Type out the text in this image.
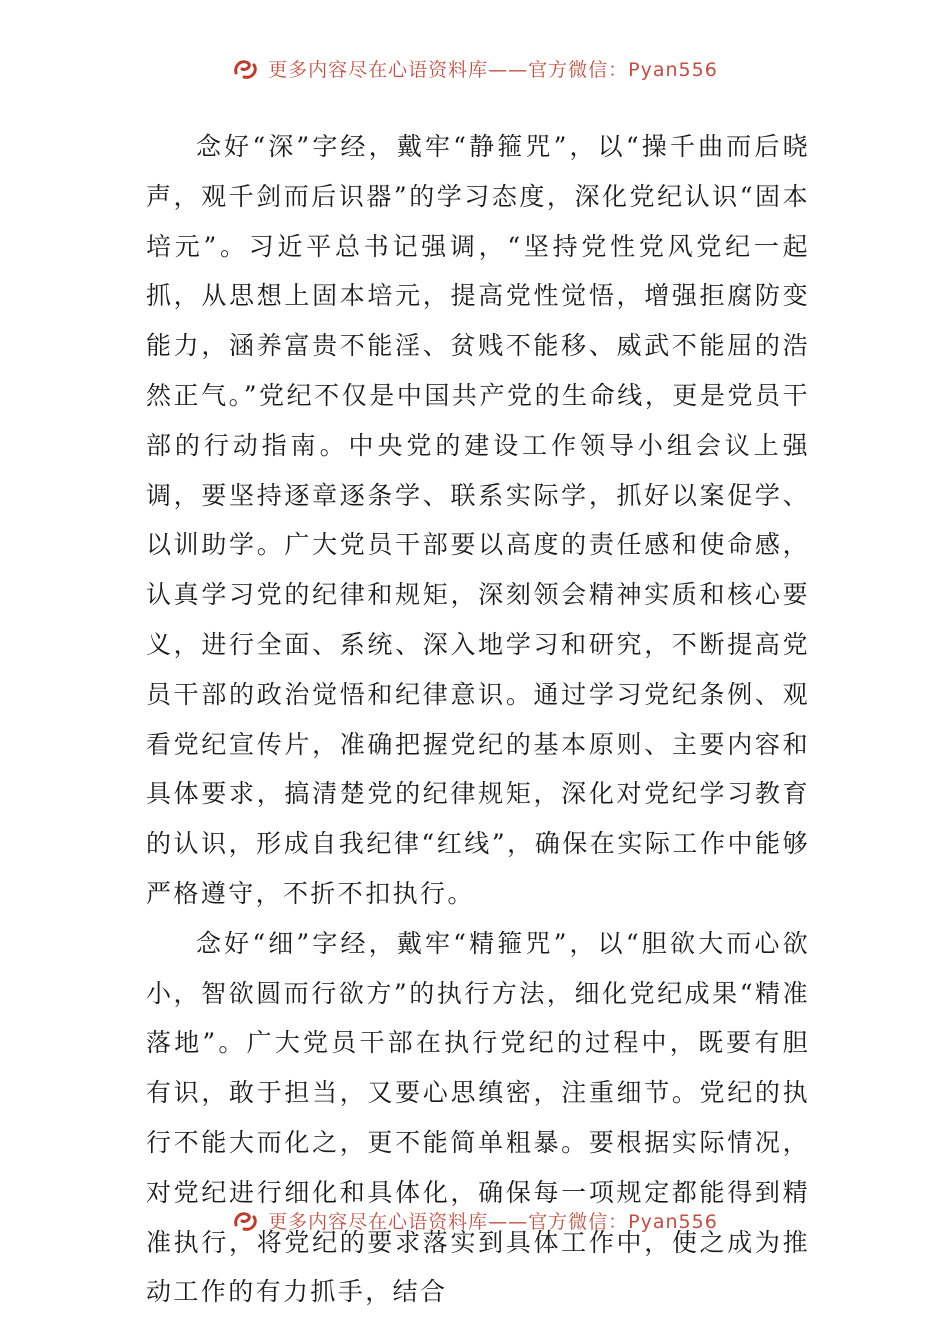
更多内容尽在心语资料库——官方微信：Pyan556

念好“深”字经，戴牢“静箍咒”，以“操千曲而后晓声，观千剑而后识器”的学习态度，深化党纪认识“固本培元”。习近平总书记强调，“坚持党性党风党纪一起抓，从思想上固本培元，提高党性觉悟，增强拒腐防变能力，涵养富贵不能淫、贫贱不能移、威武不能屈的浩然正气。”党纪不仅是中国共产党的生命线，更是党员干部的行动指南。中央党的建设工作领导小组会议上强调，要坚持逐章逐条学、联系实际学，抓好以案促学、以训助学。广大党员干部要以高度的责任感和使命感，认真学习党的纪律和规矩，深刻领会精神实质和核心要义，进行全面、系统、深入地学习和研究，不断提高党员干部的政治觉悟和纪律意识。通过学习党纪条例、观看党纪宣传片，准确把握党纪的基本原则、主要内容和具体要求，搞清楚党的纪律规矩，深化对党纪学习教育的认识，形成自我纪律“红线”，确保在实际工作中能够严格遵守，不折不扣执行。

念好“细”字经，戴牢“精箍咒”，以“胆欲大而心欲小，智欲圆而行欲方”的执行方法，细化党纪成果“精准落地”。广大党员干部在执行党纪的过程中，既要有胆有识，敢于担当，又要心思缜密，注重细节。党纪的执行不能大而化之，更不能简单粗暴。要根据实际情况，对党纪进行细化和具体化，确保每一项规定都能得到精准执行，将党纪的要求落实到具体工作中，使之成为推动工作的有力抓手，结合

更多内容尽在心语资料库——官方微信：Pyan556
